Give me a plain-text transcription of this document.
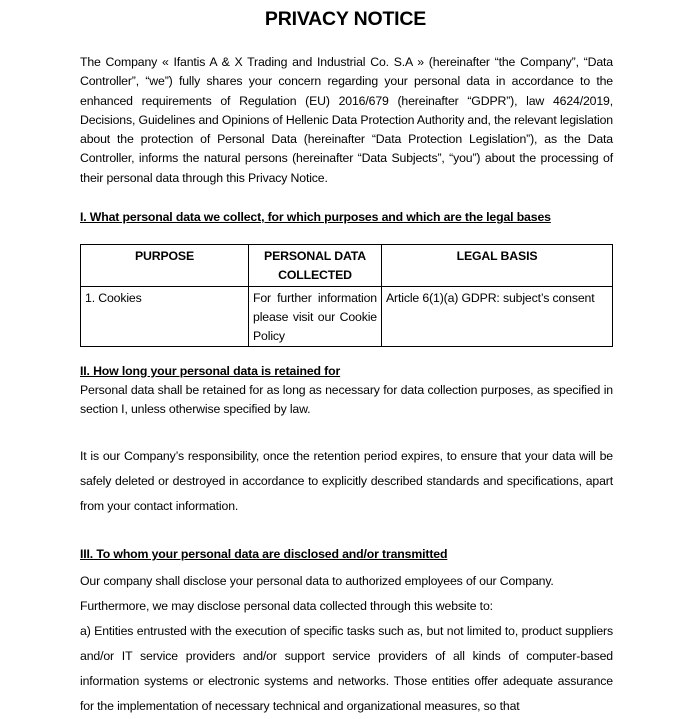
PRIVACY NOTICE

The Company « Ifantis A & X Trading and Industrial Co. S.A » (hereinafter “the Company”, “Data Controller”, “we”) fully shares your concern regarding your personal data in accordance to the enhanced requirements of Regulation (EU) 2016/679 (hereinafter “GDPR”), law 4624/2019, Decisions, Guidelines and Opinions of Hellenic Data Protection Authority and, the relevant legislation about the protection of Personal Data (hereinafter “Data Protection Legislation”), as the Data Controller, informs the natural persons (hereinafter “Data Subjects”, “you”) about the processing of their personal data through this Privacy Notice.

I. What personal data we collect, for which purposes and which are the legal bases
PURPOSE	PERSONAL DATA COLLECTED	LEGAL BASIS
1. Cookies	For further information please visit our Cookie Policy	Article 6(1)(a) GDPR: subject’s consent
II. How long your personal data is retained for

Personal data shall be retained for as long as necessary for data collection purposes, as specified in section I, unless otherwise specified by law.

It is our Company’s responsibility, once the retention period expires, to ensure that your data will be safely deleted or destroyed in accordance to explicitly described standards and specifications, apart from your contact information.

III. To whom your personal data are disclosed and/or transmitted

Our company shall disclose your personal data to authorized employees of our Company.

Furthermore, we may disclose personal data collected through this website to:

a) Entities entrusted with the execution of specific tasks such as, but not limited to, product suppliers and/or IT service providers and/or support service providers of all kinds of computer-based information systems or electronic systems and networks. Those entities offer adequate assurance for the implementation of necessary technical and organizational measures, so that
